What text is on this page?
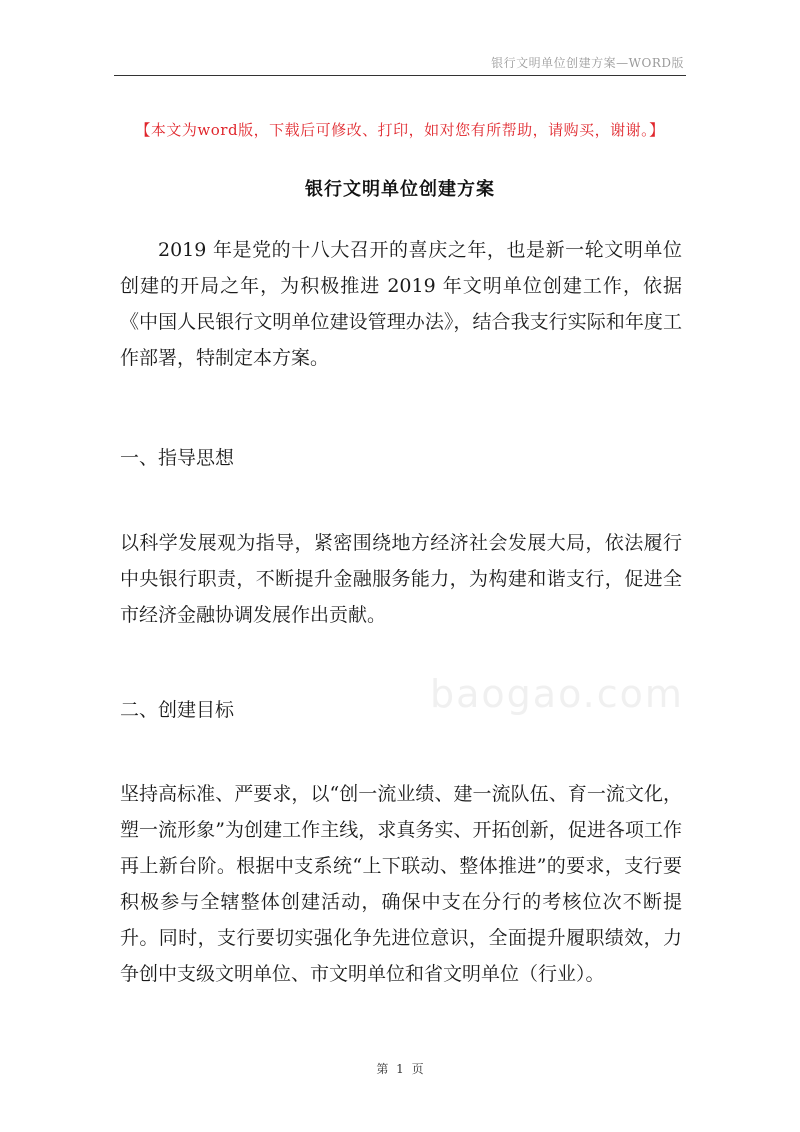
银行文明单位创建方案—WORD版
【本文为word版，下载后可修改、打印，如对您有所帮助，请购买，谢谢。】
银行文明单位创建方案

2019 年是党的十八大召开的喜庆之年，也是新一轮文明单位创建的开局之年，为积极推进 2019 年文明单位创建工作，依据《中国人民银行文明单位建设管理办法》，结合我支行实际和年度工作部署，特制定本方案。

一、指导思想

以科学发展观为指导，紧密围绕地方经济社会发展大局，依法履行中央银行职责，不断提升金融服务能力，为构建和谐支行，促进全市经济金融协调发展作出贡献。

baogao.com

二、创建目标

坚持高标准、严要求，以“创一流业绩、建一流队伍、育一流文化，塑一流形象”为创建工作主线，求真务实、开拓创新，促进各项工作再上新台阶。根据中支系统“上下联动、整体推进”的要求，支行要积极参与全辖整体创建活动，确保中支在分行的考核位次不断提升。同时，支行要切实强化争先进位意识，全面提升履职绩效，力争创中支级文明单位、市文明单位和省文明单位（行业）。

第 1 页
